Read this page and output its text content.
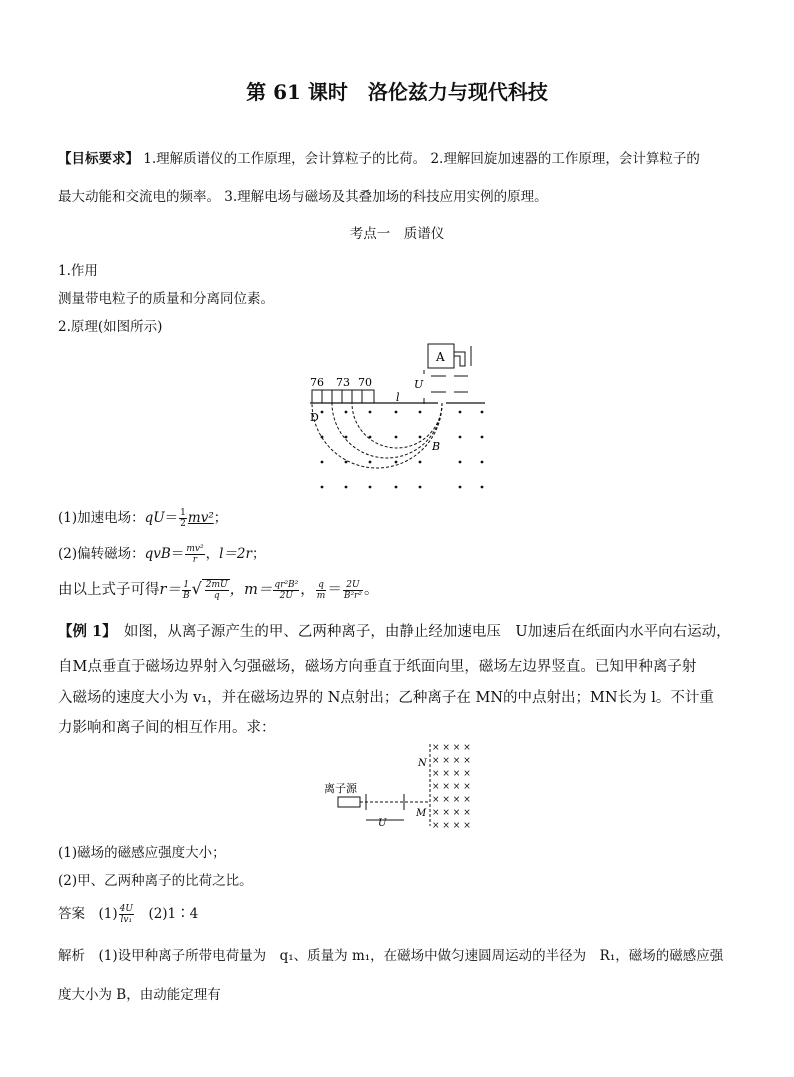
第 61 课时　洛伦兹力与现代科技
【目标要求】 1.理解质谱仪的工作原理，会计算粒子的比荷。 2.理解回旋加速器的工作原理，会计算粒子的
最大动能和交流电的频率。 3.理解电场与磁场及其叠加场的科技应用实例的原理。
考点一　质谱仪
1.作用
测量带电粒子的质量和分离同位素。
2.原理(如图所示)
A
U
76 73 70
l
D
B
(1)加速电场：$qU= \frac{1}{2} mv^2$；
(2)偏转磁场：$qvB= \frac{\text{mv²}}{r}$ ，l＝2r；
由以上式子可得$r= \frac{1}{B}$ √ $\frac{2mU}{q}$ ，$m= \frac{\text{qr²B²}}{2U}$ ， $\frac{q}{m} = \frac{2U}{\text{B²r²}}$ 。
【例 1】　如图，从离子源产生的甲、乙两种离子，由静止经加速电压　U加速后在纸面内水平向右运动，
自M点垂直于磁场边界射入匀强磁场，磁场方向垂直于纸面向里，磁场左边界竖直。已知甲种离子射
入磁场的速度大小为 v₁，并在磁场边界的 N点射出；乙种离子在 MN的中点射出；MN长为 l。不计重
力影响和离子间的相互作用。求：
离子源
U
N
M
× × × ×
× × × ×
× × × ×
× × × ×
× × × ×
× × × ×
× × × ×
(1)磁场的磁感应强度大小；
(2)甲、乙两种离子的比荷之比。
答案　 $(1) \frac{4U}{\text{lv₁}}$
　 (2)1∶4
解析　(1)设甲种离子所带电荷量为　q₁、质量为 m₁，在磁场中做匀速圆周运动的半径为　R₁，磁场的磁感应强
度大小为 B，由动能定理有
